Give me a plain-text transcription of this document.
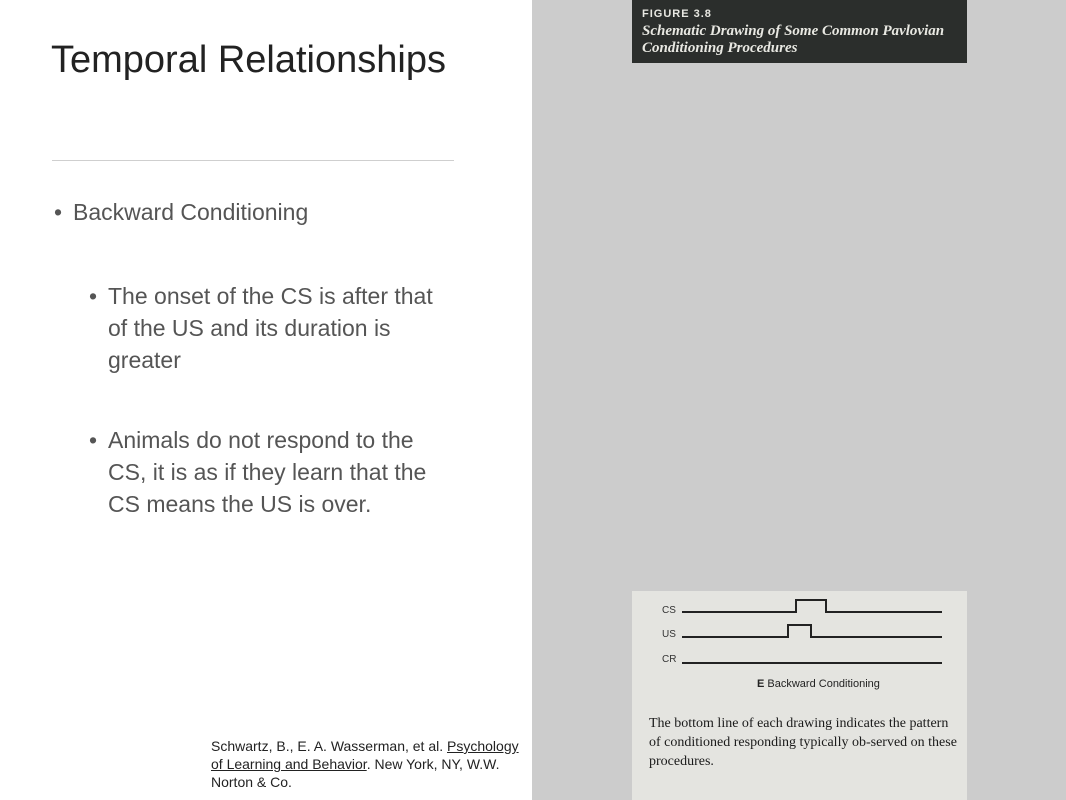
Temporal Relationships
• Backward Conditioning
• The onset of the CS is after that of the US and its duration is greater
• Animals do not respond to the CS, it is as if they learn that the CS means the US is over.
Schwartz, B., E. A. Wasserman, et al. Psychology of Learning and Behavior. New York, NY, W.W. Norton & Co.
FIGURE 3.8
Schematic Drawing of Some Common Pavlovian Conditioning Procedures
CS
US
CR
E Backward Conditioning
The bottom line of each drawing indicates the pattern of conditioned responding typically ob-served on these procedures.
